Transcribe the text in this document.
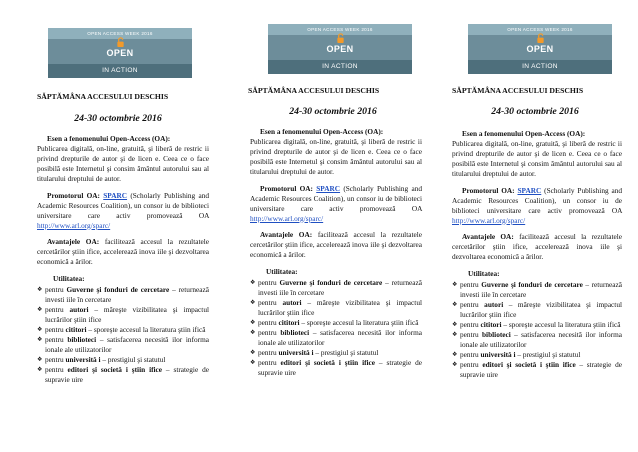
OPEN ACCESS WEEK 2016
OPEN
IN ACTION
SĂPTĂMÂNA ACCESULUI DESCHIS
24-30 octombrie 2016

Esen a fenomenului Open-Access (OA):
Publicarea digitală, on-line, gratuită, şi liberă de restric ii privind drepturile de autor şi de licen e. Ceea ce o face posibilă este Internetul şi consim ământul autorului sau al titularului dreptului de autor.

Promotorul OA: SPARC (Scholarly Publishing and Academic Resources Coalition), un consor iu de biblioteci universitare care activ promovează OA http://www.arl.org/sparc/

Avantajele OA: facilitează accesul la rezultatele cercetărilor ştiin ifice, accelerează inova iile şi dezvoltarea economică a ărilor.

Utilitatea:
❖ pentru Guverne şi fonduri de cercetare – returnează investi iile în cercetare
❖ pentru autori – măreşte vizibilitatea şi impactul lucrărilor ştiin ifice
❖ pentru cititori – sporeşte accesul la literatura ştiin ifică
❖ pentru biblioteci – satisfacerea necesită ilor informa ionale ale utilizatorilor
❖ pentru universită i – prestigiul şi statutul
❖ pentru editori şi societă i ştiin ifice – strategie de supravie uire
OPEN ACCESS WEEK 2016
OPEN
IN ACTION
SĂPTĂMÂNA ACCESULUI DESCHIS
24-30 octombrie 2016

Esen a fenomenului Open-Access (OA):
Publicarea digitală, on-line, gratuită, şi liberă de restric ii privind drepturile de autor şi de licen e. Ceea ce o face posibilă este Internetul şi consim ământul autorului sau al titularului dreptului de autor.

Promotorul OA: SPARC (Scholarly Publishing and Academic Resources Coalition), un consor iu de biblioteci universitare care activ promovează OA http://www.arl.org/sparc/

Avantajele OA: facilitează accesul la rezultatele cercetărilor ştiin ifice, accelerează inova iile şi dezvoltarea economică a ărilor.

Utilitatea:
❖ pentru Guverne şi fonduri de cercetare – returnează investi iile în cercetare
❖ pentru autori – măreşte vizibilitatea şi impactul lucrărilor ştiin ifice
❖ pentru cititori – sporeşte accesul la literatura ştiin ifică
❖ pentru biblioteci – satisfacerea necesită ilor informa ionale ale utilizatorilor
❖ pentru universită i – prestigiul şi statutul
❖ pentru editori şi societă i ştiin ifice – strategie de supravie uire
OPEN ACCESS WEEK 2016
OPEN
IN ACTION
SĂPTĂMÂNA ACCESULUI DESCHIS
24-30 octombrie 2016

Esen a fenomenului Open-Access (OA):
Publicarea digitală, on-line, gratuită, şi liberă de restric ii privind drepturile de autor şi de licen e. Ceea ce o face posibilă este Internetul şi consim ământul autorului sau al titularului dreptului de autor.

Promotorul OA: SPARC (Scholarly Publishing and Academic Resources Coalition), un consor iu de biblioteci universitare care activ promovează OA http://www.arl.org/sparc/

Avantajele OA: facilitează accesul la rezultatele cercetărilor ştiin ifice, accelerează inova iile şi dezvoltarea economică a ărilor.

Utilitatea:
❖ pentru Guverne şi fonduri de cercetare – returnează investi iile în cercetare
❖ pentru autori – măreşte vizibilitatea şi impactul lucrărilor ştiin ifice
❖ pentru cititori – sporeşte accesul la literatura ştiin ifică
❖ pentru biblioteci – satisfacerea necesită ilor informa ionale ale utilizatorilor
❖ pentru universită i – prestigiul şi statutul
❖ pentru editori şi societă i ştiin ifice – strategie de supravie uire
